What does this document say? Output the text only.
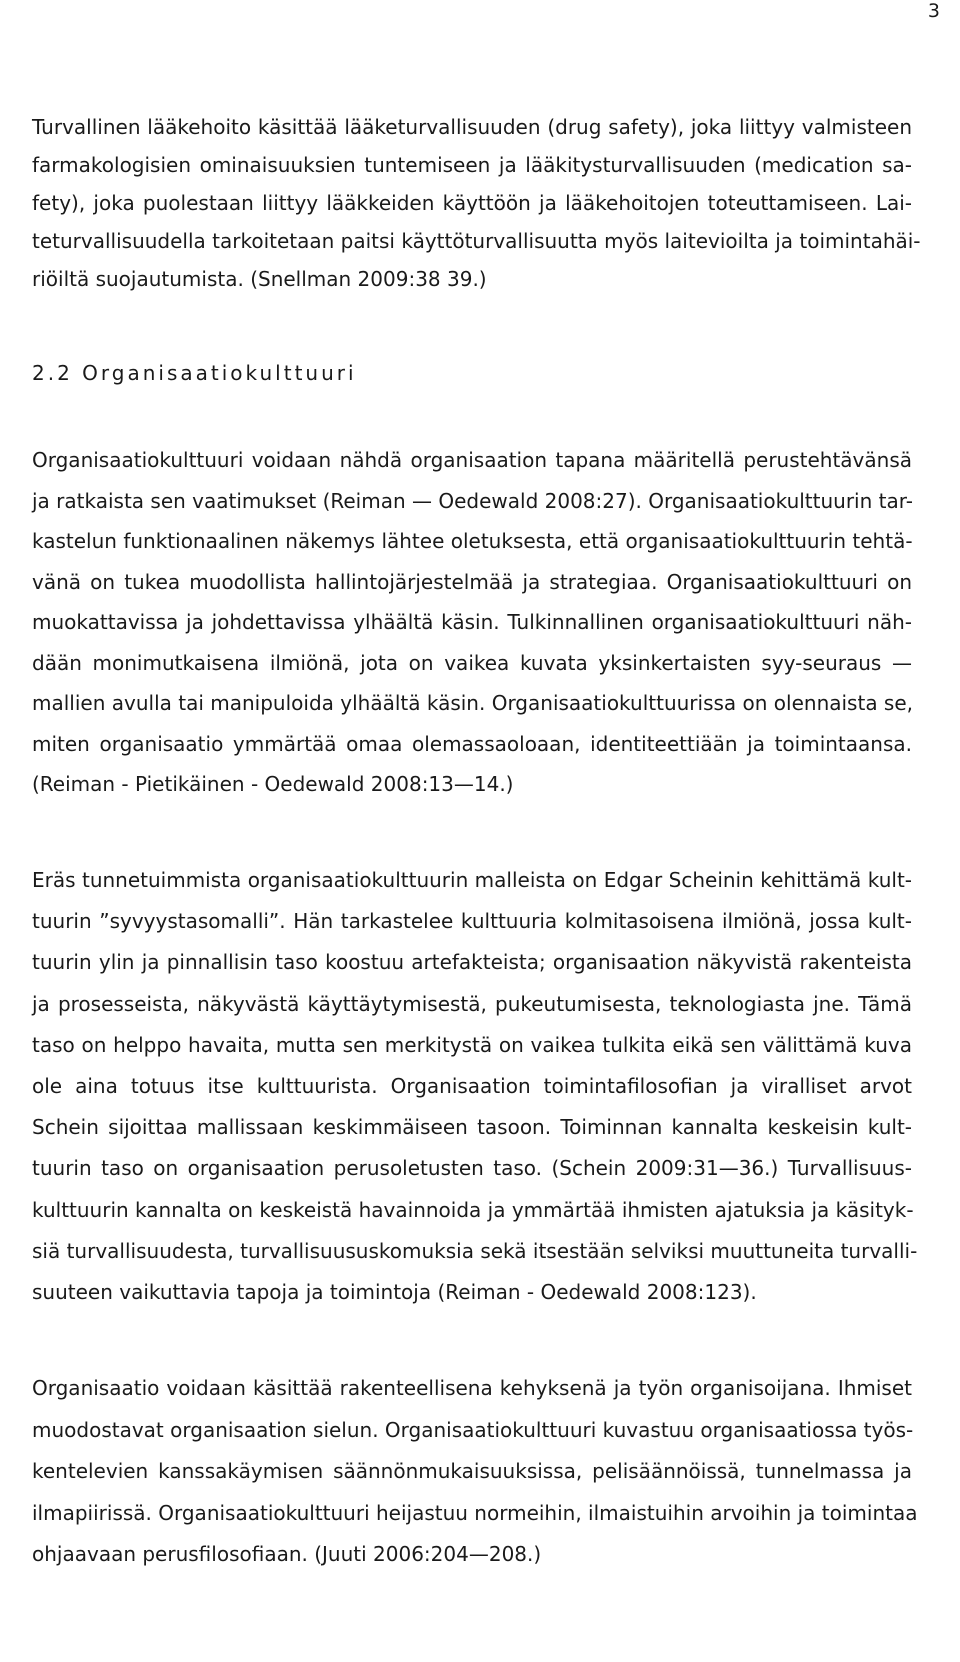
3

Turvallinen lääkehoito käsittää lääketurvallisuuden (drug safety), joka liittyy valmisteen
farmakologisien ominaisuuksien tuntemiseen ja lääkitysturvallisuuden (medication sa-
fety), joka puolestaan liittyy lääkkeiden käyttöön ja lääkehoitojen toteuttamiseen. Lai-
teturvallisuudella tarkoitetaan paitsi käyttöturvallisuutta myös laitevioilta ja toimintahäi-
riöiltä suojautumista. (Snellman 2009:38 39.)

2.2 Organisaatiokulttuuri

Organisaatiokulttuuri voidaan nähdä organisaation tapana määritellä perustehtävänsä
ja ratkaista sen vaatimukset (Reiman — Oedewald 2008:27). Organisaatiokulttuurin tar-
kastelun funktionaalinen näkemys lähtee oletuksesta, että organisaatiokulttuurin tehtä-
vänä on tukea muodollista hallintojärjestelmää ja strategiaa. Organisaatiokulttuuri on
muokattavissa ja johdettavissa ylhäältä käsin. Tulkinnallinen organisaatiokulttuuri näh-
dään monimutkaisena ilmiönä, jota on vaikea kuvata yksinkertaisten syy-seuraus —
mallien avulla tai manipuloida ylhäältä käsin. Organisaatiokulttuurissa on olennaista se,
miten organisaatio ymmärtää omaa olemassaoloaan, identiteettiään ja toimintaansa.
(Reiman - Pietikäinen - Oedewald 2008:13—14.)

Eräs tunnetuimmista organisaatiokulttuurin malleista on Edgar Scheinin kehittämä kult-
tuurin ”syvyystasomalli”. Hän tarkastelee kulttuuria kolmitasoisena ilmiönä, jossa kult-
tuurin ylin ja pinnallisin taso koostuu artefakteista; organisaation näkyvistä rakenteista
ja prosesseista, näkyvästä käyttäytymisestä, pukeutumisesta, teknologiasta jne. Tämä
taso on helppo havaita, mutta sen merkitystä on vaikea tulkita eikä sen välittämä kuva
ole aina totuus itse kulttuurista. Organisaation toimintafilosofian ja viralliset arvot
Schein sijoittaa mallissaan keskimmäiseen tasoon. Toiminnan kannalta keskeisin kult-
tuurin taso on organisaation perusoletusten taso. (Schein 2009:31—36.) Turvallisuus-
kulttuurin kannalta on keskeistä havainnoida ja ymmärtää ihmisten ajatuksia ja käsityk-
siä turvallisuudesta, turvallisuususkomuksia sekä itsestään selviksi muuttuneita turvalli-
suuteen vaikuttavia tapoja ja toimintoja (Reiman - Oedewald 2008:123).

Organisaatio voidaan käsittää rakenteellisena kehyksenä ja työn organisoijana. Ihmiset
muodostavat organisaation sielun. Organisaatiokulttuuri kuvastuu organisaatiossa työs-
kentelevien kanssakäymisen säännönmukaisuuksissa, pelisäännöissä, tunnelmassa ja
ilmapiirissä. Organisaatiokulttuuri heijastuu normeihin, ilmaistuihin arvoihin ja toimintaa
ohjaavaan perusfilosofiaan. (Juuti 2006:204—208.)
